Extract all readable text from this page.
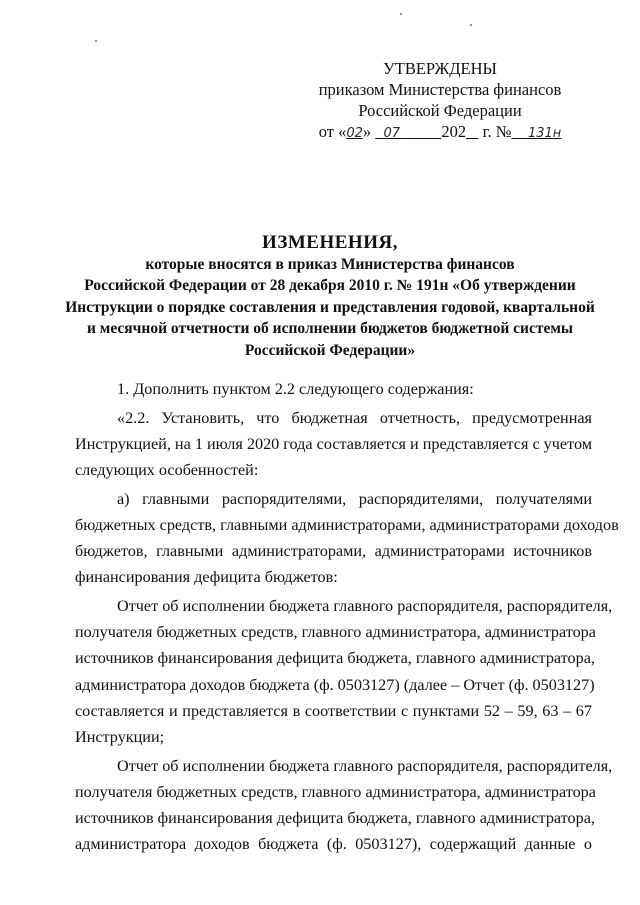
УТВЕРЖДЕНЫ
приказом Министерства финансов
Российской Федерации
от «02» 07	202 г. № 131н
ИЗМЕНЕНИЯ,
которые вносятся в приказ Министерства финансов
Российской Федерации от 28 декабря 2010 г. № 191н «Об утверждении
Инструкции о порядке составления и представления годовой, квартальной
и месячной отчетности об исполнении бюджетов бюджетной системы
Российской Федерации»
1. Дополнить пунктом 2.2 следующего содержания:
«2.2. Установить, что бюджетная отчетность, предусмотренная
Инструкцией, на 1 июля 2020 года составляется и представляется с учетом
следующих особенностей:
а) главными распорядителями, распорядителями, получателями
бюджетных средств, главными администраторами, администраторами доходов
бюджетов, главными администраторами, администраторами источников
финансирования дефицита бюджетов:
Отчет об исполнении бюджета главного распорядителя, распорядителя,
получателя бюджетных средств, главного администратора, администратора
источников финансирования дефицита бюджета, главного администратора,
администратора доходов бюджета (ф. 0503127) (далее – Отчет (ф. 0503127)
составляется и представляется в соответствии с пунктами 52 – 59, 63 – 67
Инструкции;
Отчет об исполнении бюджета главного распорядителя, распорядителя,
получателя бюджетных средств, главного администратора, администратора
источников финансирования дефицита бюджета, главного администратора,
администратора доходов бюджета (ф. 0503127), содержащий данные о
